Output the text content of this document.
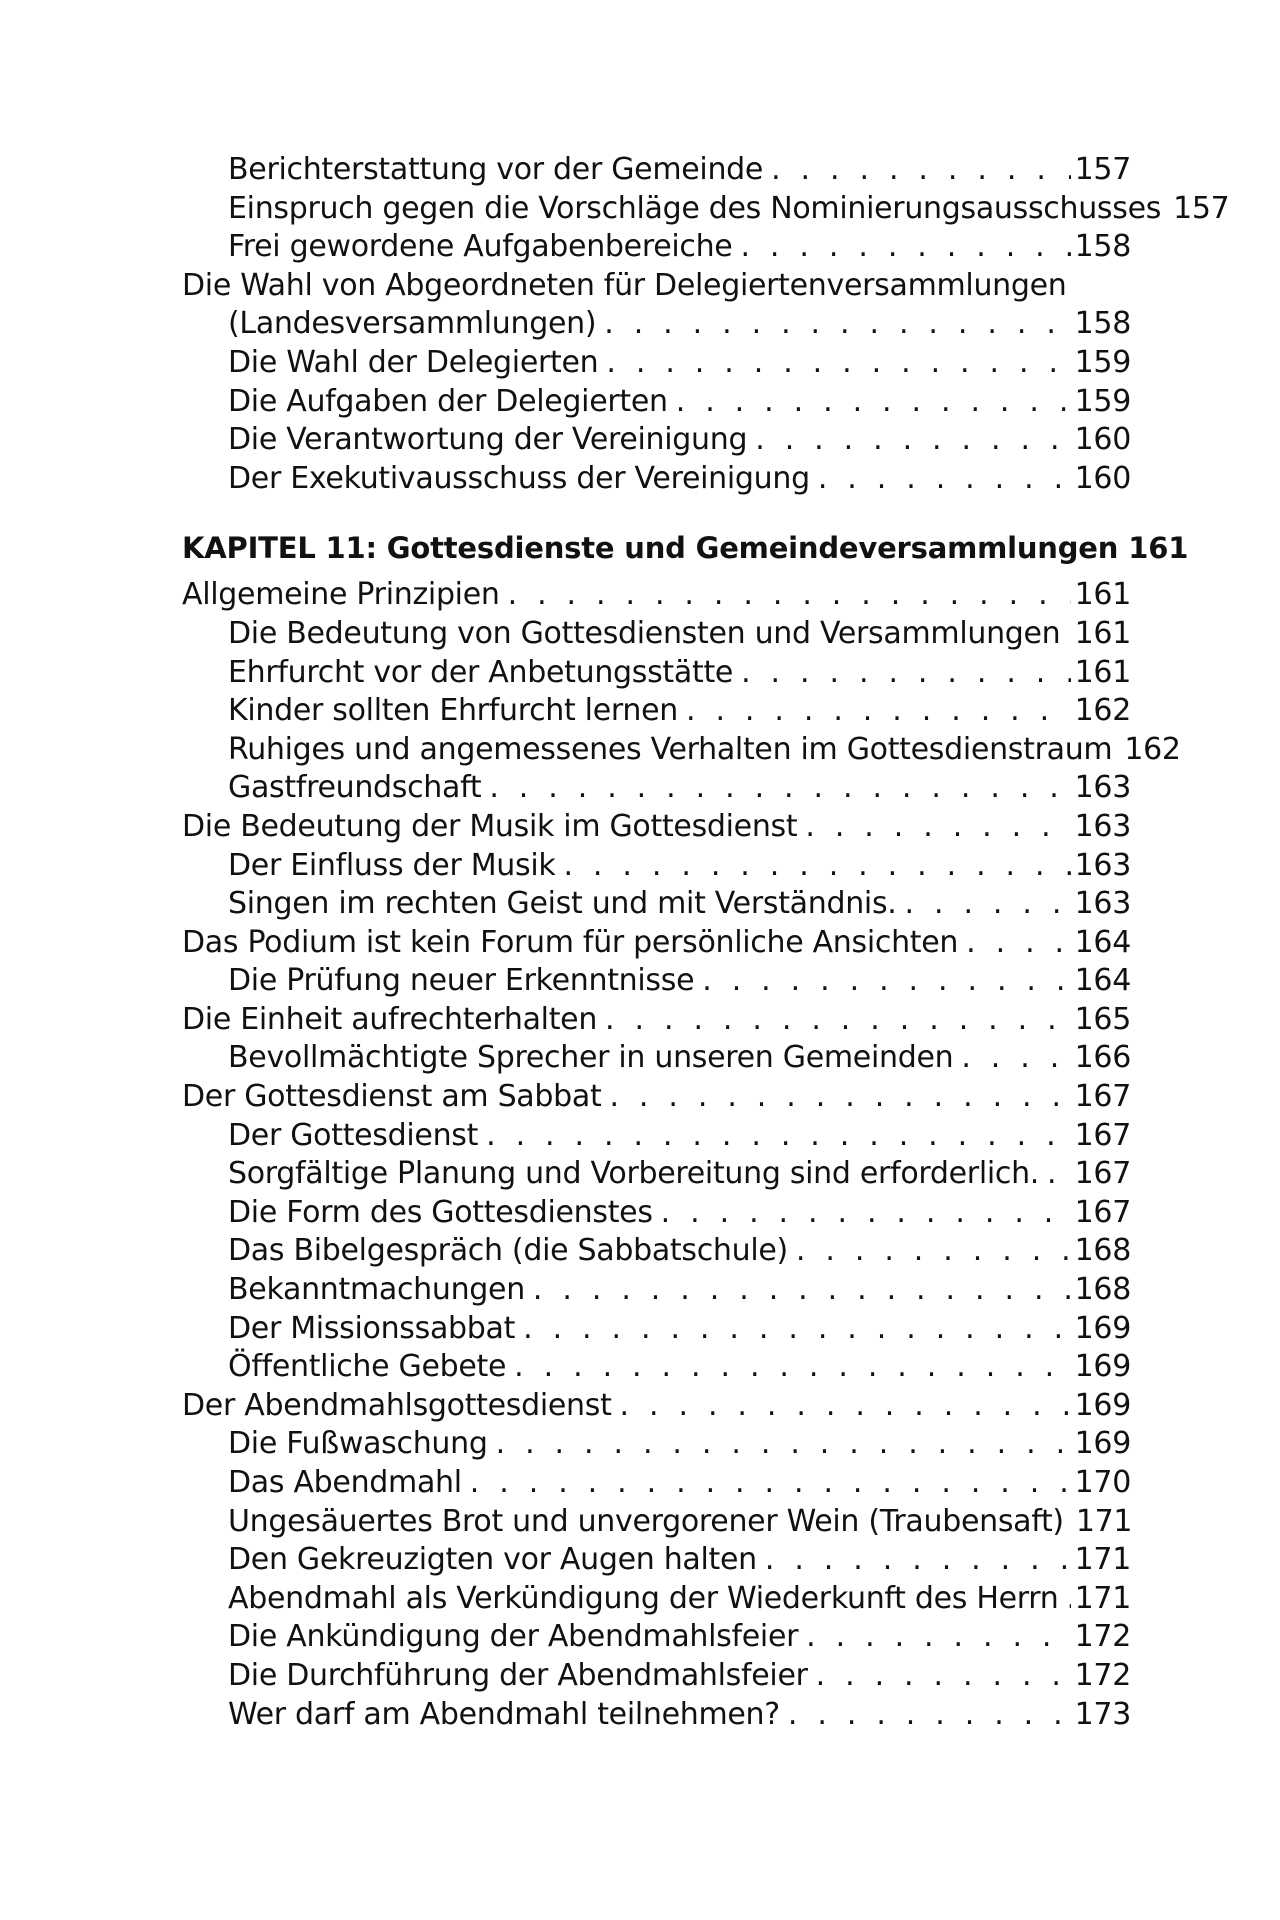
Berichterstattung vor der Gemeinde . . .	157
Einspruch gegen die Vorschläge des Nominierungsausschusses 157
Frei gewordene Aufgabenbereiche . . .	158
Die Wahl von Abgeordneten für Delegiertenversammlungen
(Landesversammlungen) . . .	158
Die Wahl der Delegierten . . .	159
Die Aufgaben der Delegierten . . .	159
Die Verantwortung der Vereinigung . . .	160
Der Exekutivausschuss der Vereinigung . . .	160
KAPITEL 11: Gottesdienste und Gemeindeversammlungen 161
Allgemeine Prinzipien . . .	161
Die Bedeutung von Gottesdiensten und Versammlungen . . . 161
Ehrfurcht vor der Anbetungsstätte . . .	161
Kinder sollten Ehrfurcht lernen . . .	162
Ruhiges und angemessenes Verhalten im Gottesdienstraum 162
Gastfreundschaft . . .	163
Die Bedeutung der Musik im Gottesdienst . . .	163
Der Einfluss der Musik . . .	163
Singen im rechten Geist und mit Verständnis. . . .	163
Das Podium ist kein Forum für persönliche Ansichten . . .	164
Die Prüfung neuer Erkenntnisse . . .	164
Die Einheit aufrechterhalten . . .	165
Bevollmächtigte Sprecher in unseren Gemeinden . . .	166
Der Gottesdienst am Sabbat . . .	167
Der Gottesdienst . . .	167
Sorgfältige Planung und Vorbereitung sind erforderlich. . . . 167
Die Form des Gottesdienstes . . .	167
Das Bibelgespräch (die Sabbatschule) . . .	168
Bekanntmachungen . . .	168
Der Missionssabbat . . .	169
Öffentliche Gebete . . .	169
Der Abendmahlsgottesdienst . . .	169
Die Fußwaschung . . .	169
Das Abendmahl . . .	170
Ungesäuertes Brot und unvergorener Wein (Traubensaft) 171
Den Gekreuzigten vor Augen halten . . .	171
Abendmahl als Verkündigung der Wiederkunft des Herrn . . . 171
Die Ankündigung der Abendmahlsfeier . . .	172
Die Durchführung der Abendmahlsfeier . . .	172
Wer darf am Abendmahl teilnehmen? . . .	173
